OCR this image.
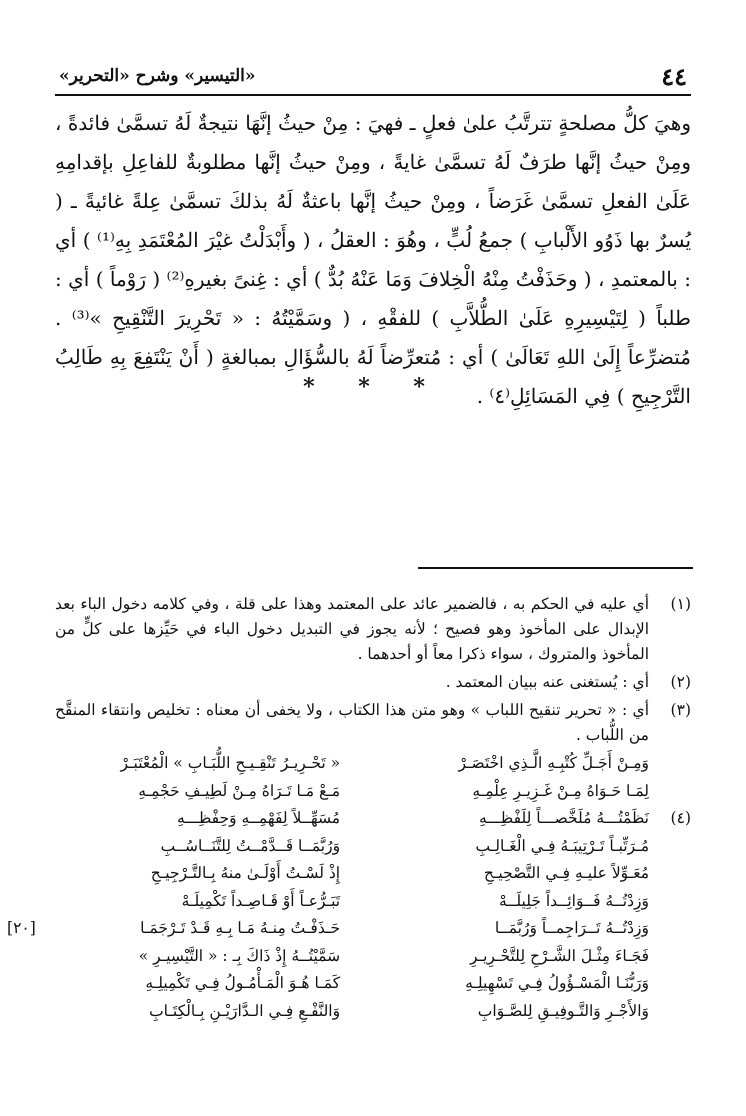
٤٤
«التيسير» وشرح «التحرير»

وهيَ كلُّ مصلحةٍ تترتَّبُ علىٰ فعلٍ ـ فهيَ : مِنْ حيثُ إنَّهَا نتيجةٌ لَهُ تسمَّىٰ فائدةً ، ومِنْ حيثُ إنَّها طرَفٌ لَهُ تسمَّىٰ غايةً ، ومِنْ حيثُ إنَّها مطلوبةٌ للفاعِلِ بإقدامِهِ عَلَىٰ الفعلِ تسمَّىٰ غَرَضاً ، ومِنْ حيثُ إنَّها باعثةٌ لَهُ بذلكَ تسمَّىٰ عِلةً غائيةً ـ ( يُسرٌ بها ذَوُو الأَلْبابِ ) جمعُ لُبٍّ ، وهُوَ : العقلُ ، ( وأَبْدَلْتُ غيْرَ المُعْتَمَدِ بِهِ⁽¹⁾ ) أي : بالمعتمدِ ، ( وحَذَفْتُ مِنْهُ الْخِلافَ وَمَا عَنْهُ بُدٌّ ) أي : غِنىً بغيرهِ⁽²⁾ ( رَوْماً ) أي : طلباً ( لِتَيْسِيرِهِ عَلَىٰ الطُّلاَّبِ ) للفقْهِ ، ( وسَمَّيْتُهُ : « تَحْرِيرَ التَّنْقِيحِ »⁽³⁾ . مُتضرِّعاً إِلَىٰ اللهِ تَعَالَىٰ ) أي : مُتعرِّضاً لَهُ بالسُّؤَالِ بمبالغةٍ ( أَنْ يَنْتَفِعَ بِهِ طَالِبُ التَّرْجِيحِ ) فِي المَسَائِلِ⁽٤⁾ .

* * *
(١)
أي عليه في الحكم به ، فالضمير عائد على المعتمد وهذا على قلة ، وفي كلامه دخول الباء بعد الإبدال على المأخوذ وهو فصيح ؛ لأنه يجوز في التبديل دخول الباء في حَيِّزها على كلٍّ من المأخوذ والمتروك ، سواء ذكرا معاً أو أحدهما .
(٢)
أي : يُستغنى عنه ببيان المعتمد .
(٣)
أي : « تحرير تنقيح اللباب » وهو متن هذا الكتاب ، ولا يخفى أن معناه : تخليص وانتقاء المنقَّح من اللُّباب .
وَمِـنْ أَجَـلِّ كُتْبِـهِ الَّـذِي اخْتَصَـرْ
« تَحْـرِيـرُ تَنْقِـيـحِ اللُّبَـابِ » الْمُعْتَبَـرْ
لِمَـا حَـوَاهُ مِـنْ غَـزِيـرِ عِلْمِـهِ
مَـعْ مَـا تَـرَاهُ مِـنْ لَطِيـفِ حَجْمِـهِ
(٤)
نَظَمْتُـــهُ مُلَخَّصـــاً لِلَفْظِـــهِ
مُسَهِّــلاً لِفَهْمِــهِ وَحِفْظِـــهِ
مُـرَتِّبـاً تَـرْتِيبَـهُ فِـي الْغَـالِـبِ
وَرُبَّمَــا قَــدَّمْــتُ لِلتَّنَــاسُــبِ
مُعَـوِّلاً عليـهِ فِـي التَّصْحِيـحِ
إِذْ لَسْـتُ أَوْلَـىٰ منهُ بِـالتَّـرْجِيـحِ
وَزِدْتُــهُ فَــوَائِــداً جَلِيلَــهْ
تَبَـرُّعـاً أَوْ قَـاصِـداً تَكْمِيلَـهْ
وَزِدْتُــهُ تَــرَاجِمــاً وَرُبَّمَــا
حَـذَفْـتُ مِنـهُ مَـا بِـهِ قَـدْ تَـرْجَمَـا
[٢٠]
فَجَـاءَ مِثْـلَ الشَّـرْحِ لِلتَّحْـرِيـرِ
سَمَّيْتُــهُ إِذْ ذَاكَ بِـ : « التَّيْسِيـرِ »
وَرَبُّنَـا الْمَسْـؤُولُ فِـي تَسْهِيلِـهِ
كَمَـا هُـوَ الْمَـأْمُـولُ فِـي تَكْمِيلِـهِ
وَالأَجْـرِ وَالتَّـوفِيـقِ لِلصَّـوَابِ
وَالنَّفْـعِ فِـي الـدَّارَيْـنِ بِـالْكِتَـابِ
